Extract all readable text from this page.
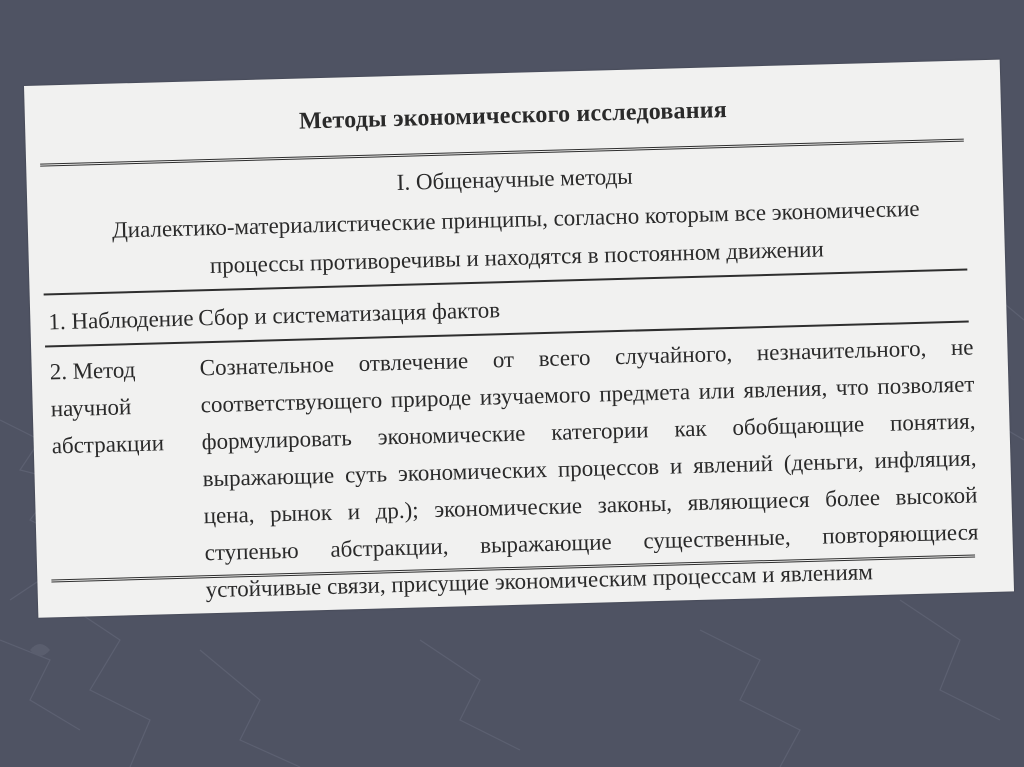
Методы экономического исследования
I. Общенаучные методы
Диалектико-материалистические принципы, согласно которым все экономические процессы противоречивы и находятся в постоянном движении
1. Наблюдение Сбор и систематизация фактов
2. Метод научной абстракции
Сознательное отвлечение от всего случайного, незначительного, не соответствующего природе изучаемого предмета или явления, что позволяет формулировать экономические категории как обобщающие понятия, выражающие суть экономических процессов и явлений (деньги, инфляция, цена, рынок и др.); экономические законы, являющиеся более высокой ступенью абстракции, выражающие существенные, повторяющиеся устойчивые связи, присущие экономическим процессам и явлениям
